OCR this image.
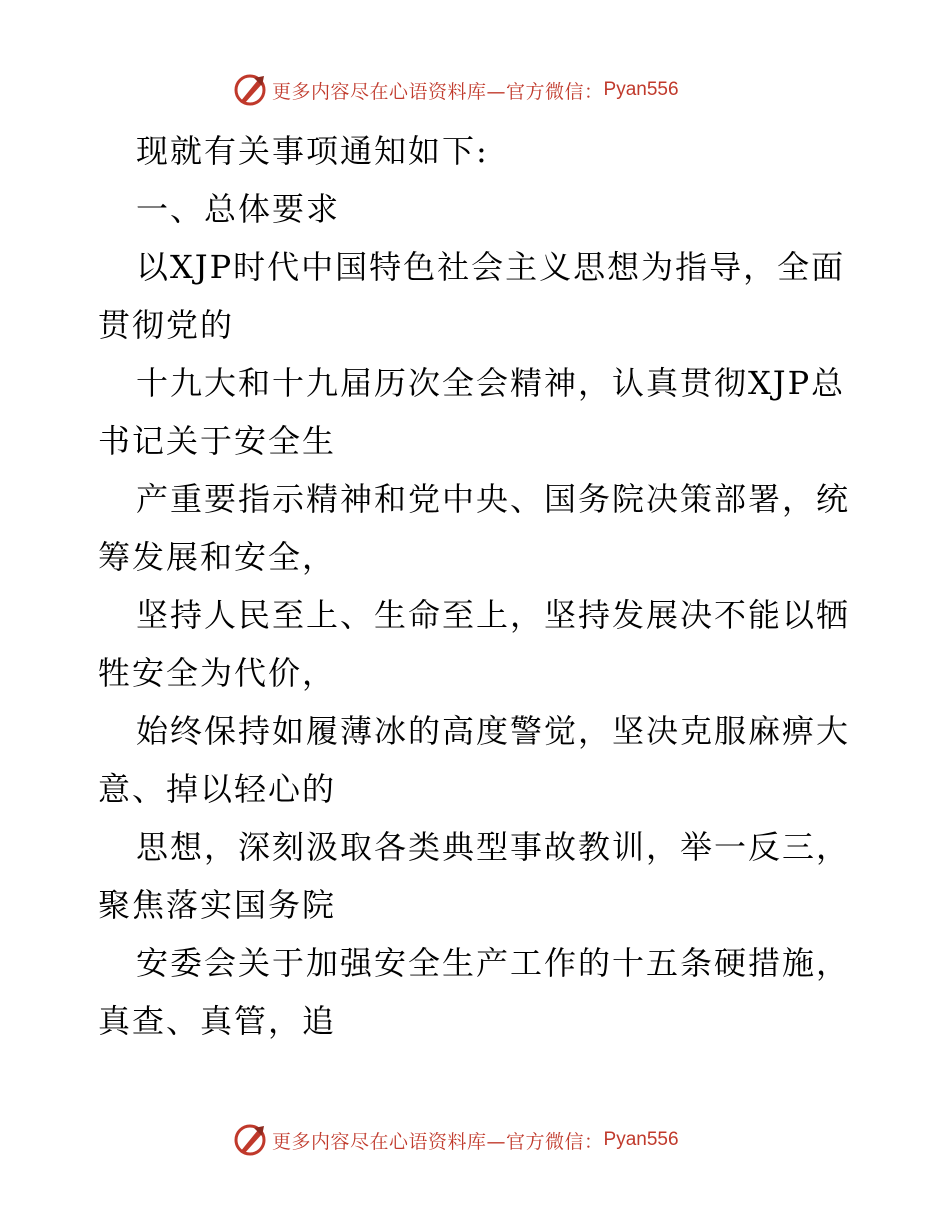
更多内容尽在心语资料库—官方微信： Pyan556
现就有关事项通知如下:
一、总体要求
以XJP时代中国特色社会主义思想为指导，全面
贯彻党的
十九大和十九届历次全会精神，认真贯彻XJP总
书记关于安全生
产重要指示精神和党中央、国务院决策部署，统
筹发展和安全，
坚持人民至上、生命至上，坚持发展决不能以牺
牲安全为代价，
始终保持如履薄冰的高度警觉，坚决克服麻痹大
意、掉以轻心的
思想，深刻汲取各类典型事故教训，举一反三，
聚焦落实国务院
安委会关于加强安全生产工作的十五条硬措施，
真查、真管，追
更多内容尽在心语资料库—官方微信： Pyan556
